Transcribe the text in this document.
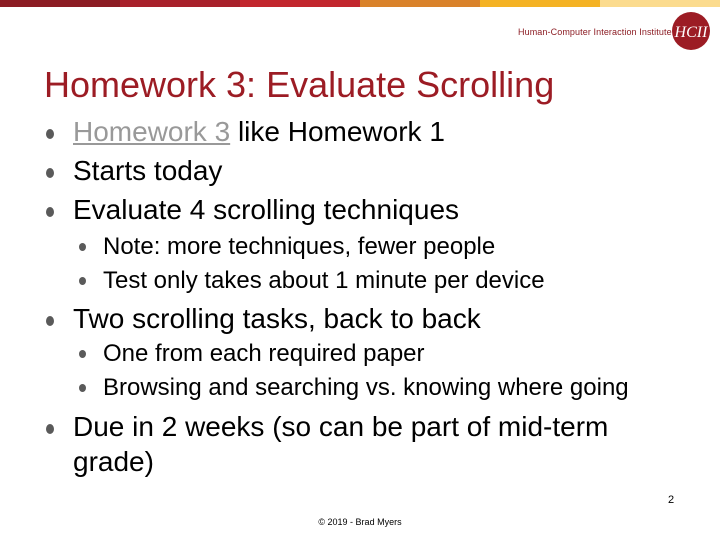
Human-Computer Interaction Institute HCII
Homework 3: Evaluate Scrolling
Homework 3 like Homework 1
Starts today
Evaluate 4 scrolling techniques
Note: more techniques, fewer people
Test only takes about 1 minute per device
Two scrolling tasks, back to back
One from each required paper
Browsing and searching vs. knowing where going
Due in 2 weeks (so can be part of mid-term
grade)
2
© 2019 - Brad Myers
